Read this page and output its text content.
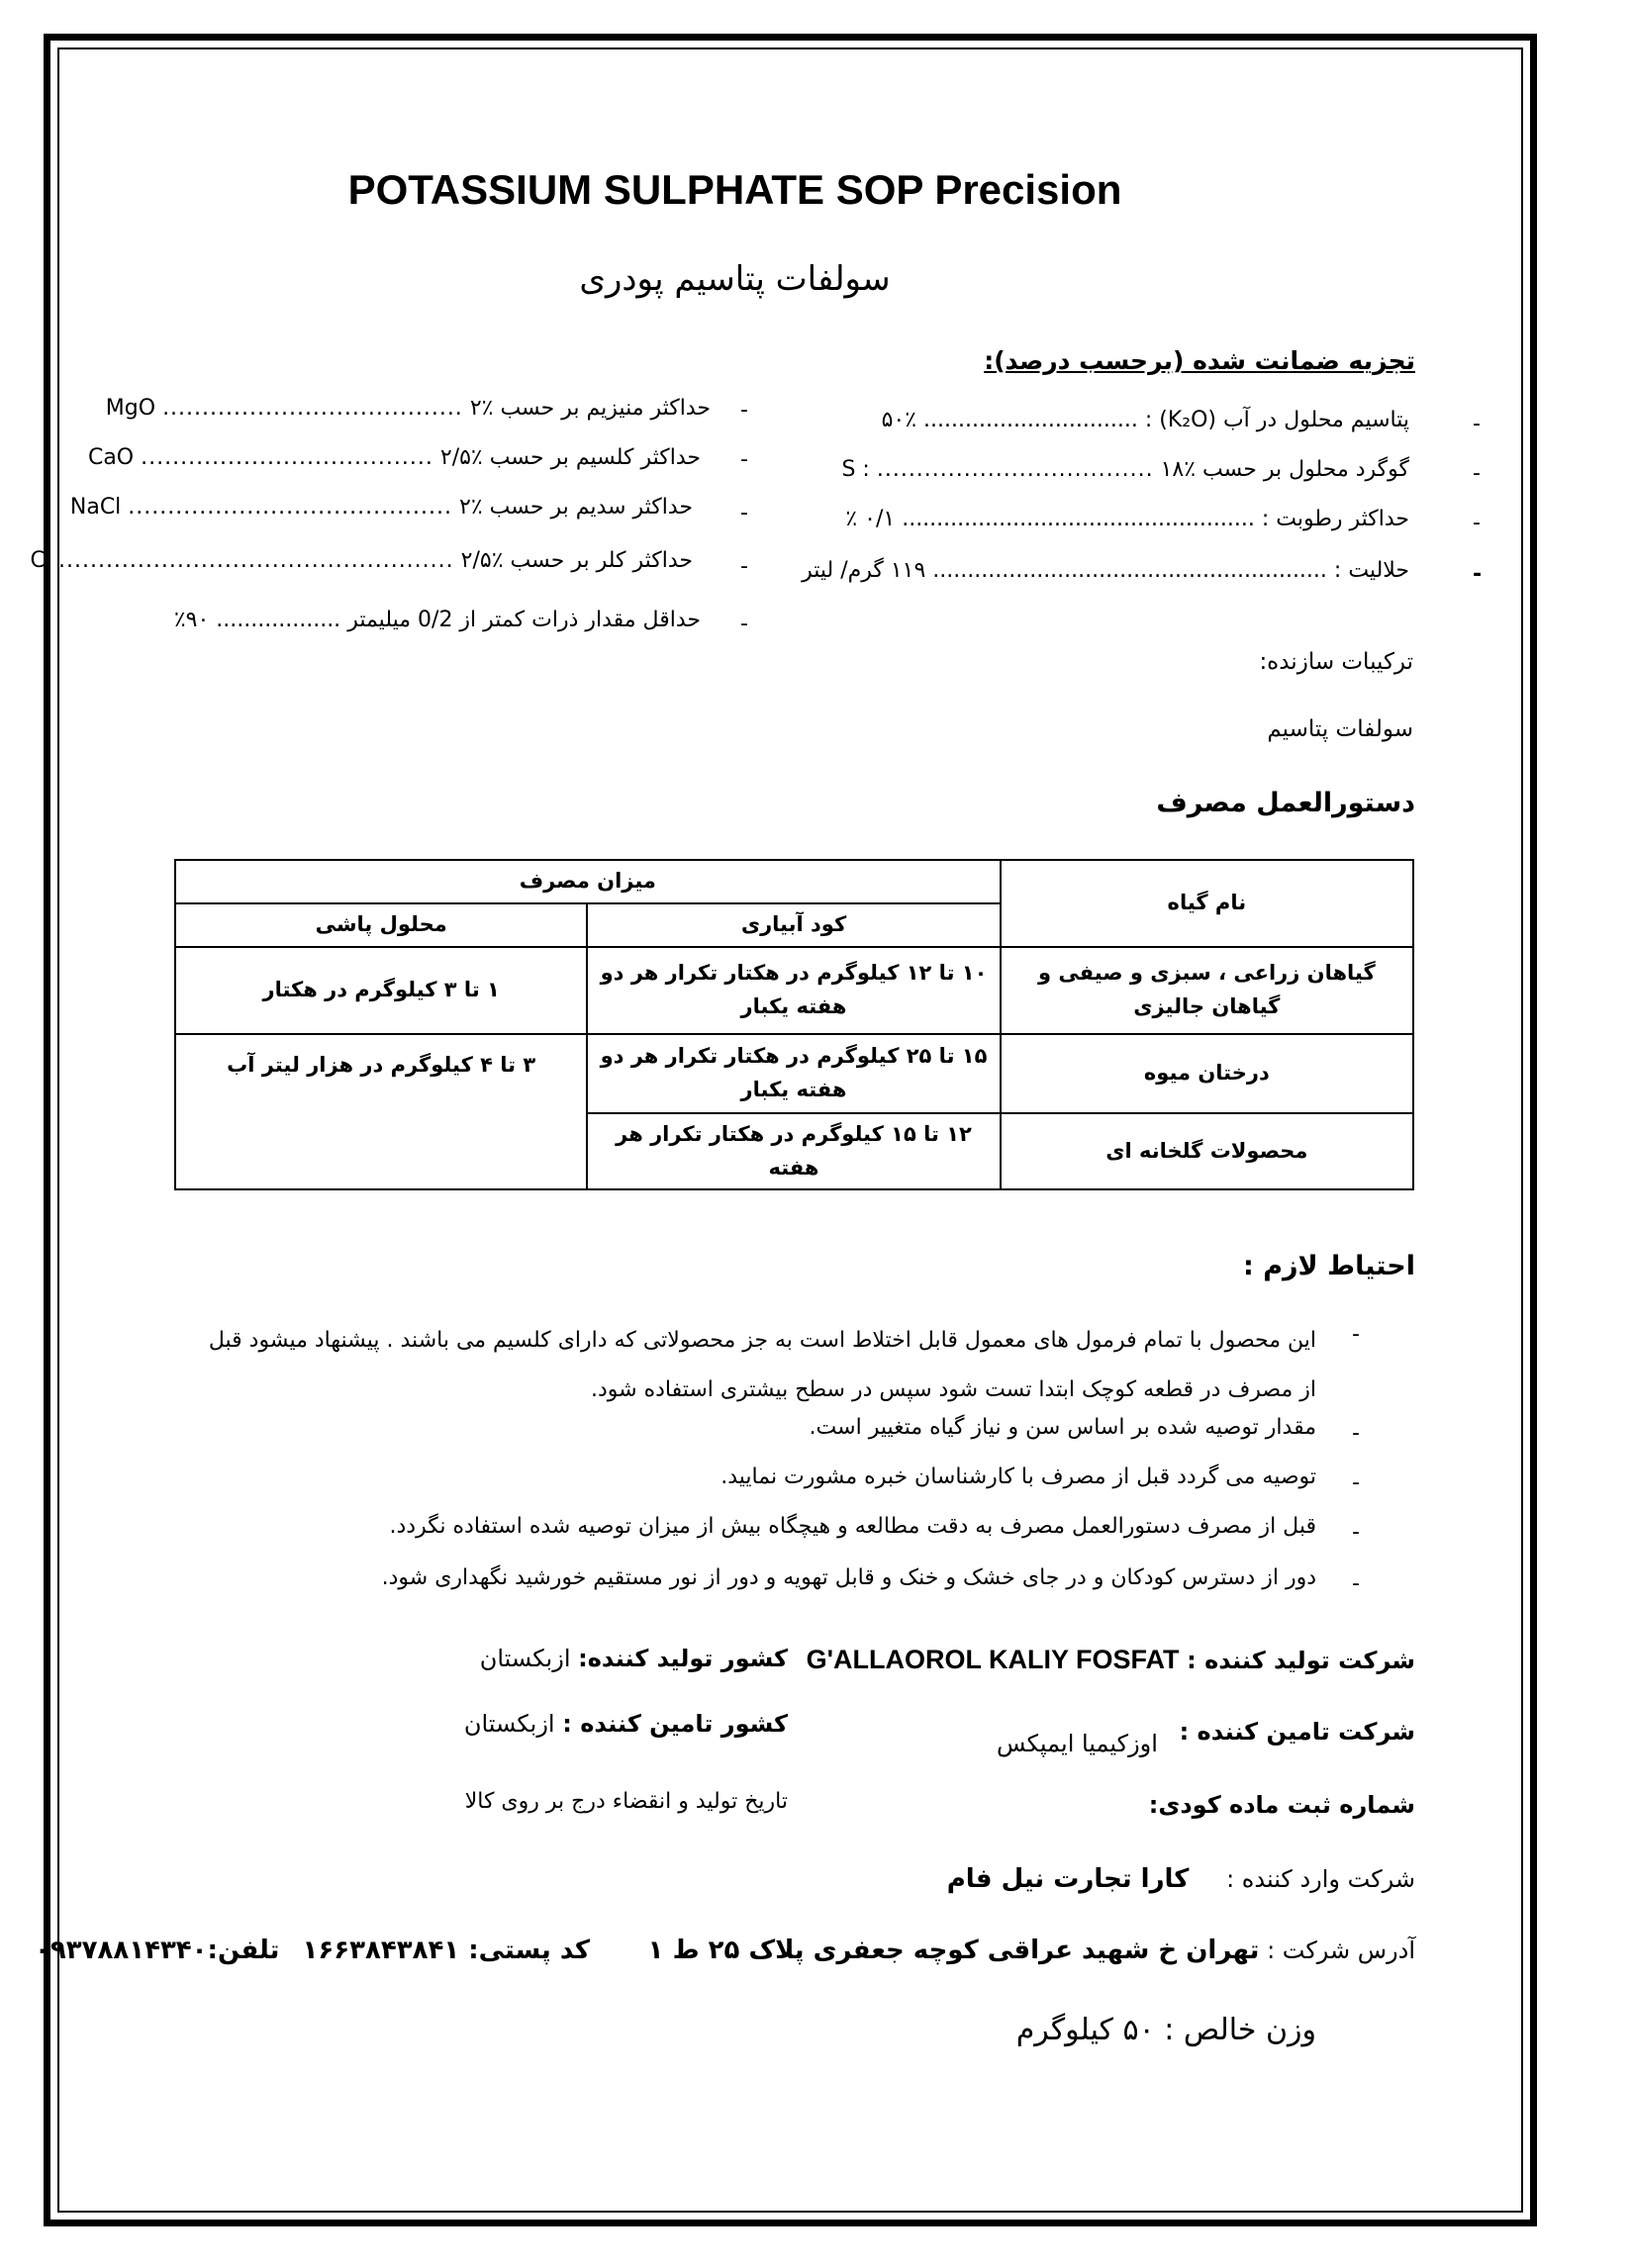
POTASSIUM SULPHATE SOP Precision
سولفات پتاسیم پودری
تجزیه ضمانت شده (برحسب درصد):
پتاسیم محلول در آب (K₂O) : ............................... ۵۰٪
گوگرد محلول بر حسب S : ................................... ۱۸٪
حداکثر رطوبت : ................................................... ۰/۱ ٪
حلالیت : ......................................................... ۱۱۹ گرم/ لیتر
-
-
-
-
حداکثر منیزیم بر حسب MgO ...................................... ۲٪
حداکثر کلسیم بر حسب CaO ..................................... ۲/۵٪
حداکثر سدیم بر حسب NaCl ......................................... ۲٪
حداکثر کلر بر حسب Cl .................................................. ۲/۵٪
حداقل مقدار ذرات کمتر از 0/2 میلیمتر .................. ۹۰٪
-
-
-
-
-
ترکیبات سازنده:
سولفات پتاسیم
دستورالعمل مصرف
نام گیاه	میزان مصرف	
	کود آبیاری	محلول پاشی
گیاهان زراعی ، سبزی و صیفی و گیاهان جالیزی	۱۰ تا ۱۲ کیلوگرم در هکتار تکرار هر دو هفته یکبار	۱ تا ۳ کیلوگرم در هکتار
درختان میوه	۱۵ تا ۲۵ کیلوگرم در هکتار تکرار هر دو هفته یکبار	۳ تا ۴ کیلوگرم در هزار لیتر آب
محصولات گلخانه ای	۱۲ تا ۱۵ کیلوگرم در هکتار تکرار هر هفته	
احتیاط لازم :
-
این محصول با تمام فرمول های معمول قابل اختلاط است به جز محصولاتی که دارای کلسیم می باشند . پیشنهاد میشود قبل از مصرف در قطعه کوچک ابتدا تست شود سپس در سطح بیشتری استفاده شود.
-
مقدار توصیه شده بر اساس سن و نیاز گیاه متغییر است.
-
توصیه می گردد قبل از مصرف با کارشناسان خبره مشورت نمایید.
-
قبل از مصرف دستورالعمل مصرف به دقت مطالعه و هیچگاه بیش از میزان توصیه شده استفاده نگردد.
-
دور از دسترس کودکان و در جای خشک و خنک و قابل تهویه و دور از نور مستقیم خورشید نگهداری شود.
شرکت تولید کننده : G'ALLAOROL KALIY FOSFAT
کشور تولید کننده: ازبکستان
شرکت تامین کننده : اوزکیمیا ایمپکس
کشور تامین کننده : ازبکستان
شماره ثبت ماده کودی:
تاریخ تولید و انقضاء درج بر روی کالا
شرکت وارد کننده : کارا تجارت نیل فام
آدرس شرکت : تهران خ شهید عراقی کوچه جعفری پلاک ۲۵ ط ۱
کد پستی: ۱۶۶۳۸۴۳۸۴۱ تلفن:۰۹۳۷۸۸۱۴۳۴۰
وزن خالص : ۵۰ کیلوگرم
